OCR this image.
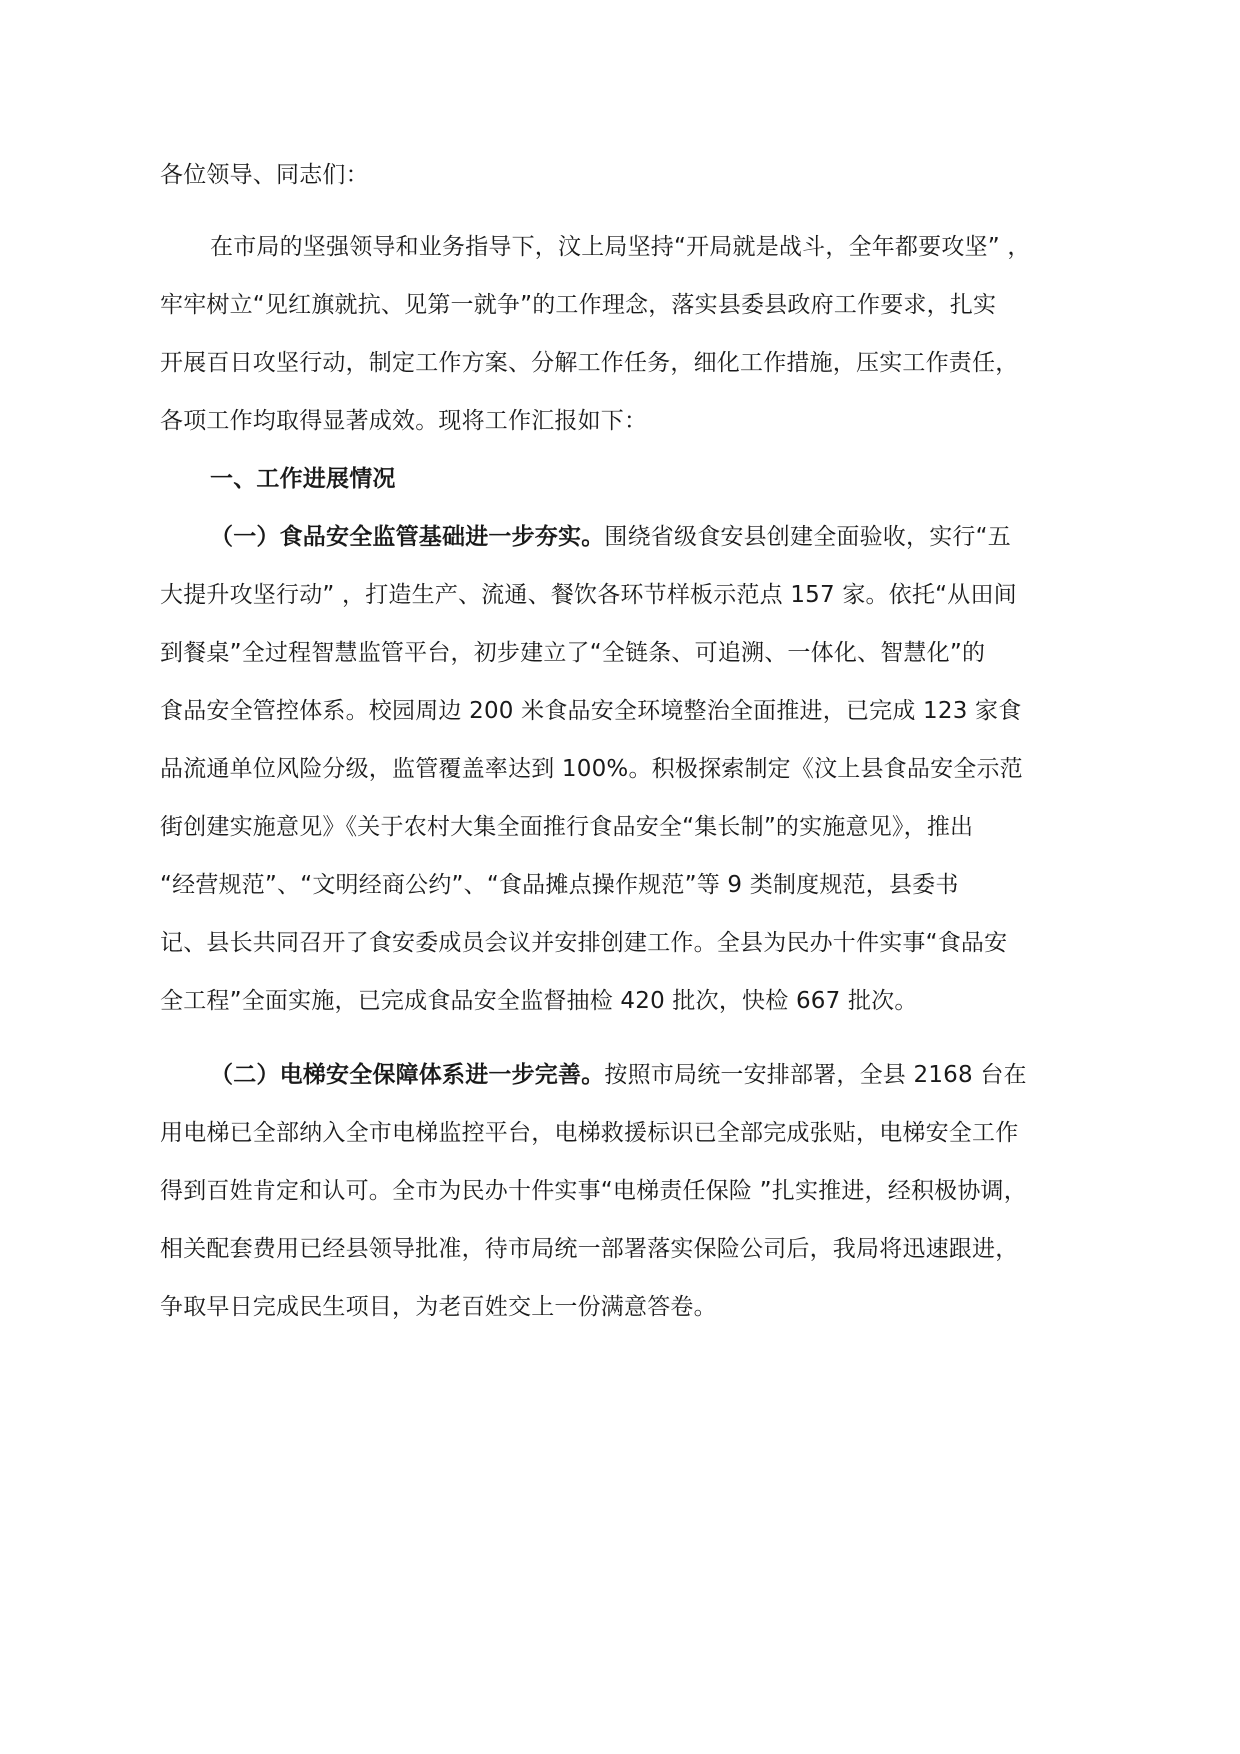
各位领导、同志们：
在市局的坚强领导和业务指导下，汶上局坚持“开局就是战斗，全年都要攻坚” ，
牢牢树立“见红旗就抗、见第一就争”的工作理念，落实县委县政府工作要求，扎实
开展百日攻坚行动，制定工作方案、分解工作任务，细化工作措施，压实工作责任，
各项工作均取得显著成效。现将工作汇报如下：
一、工作进展情况
（一）食品安全监管基础进一步夯实。围绕省级食安县创建全面验收，实行“五
大提升攻坚行动” ，打造生产、流通、餐饮各环节样板示范点 157 家。依托“从田间
到餐桌”全过程智慧监管平台，初步建立了“全链条、可追溯、一体化、智慧化”的
食品安全管控体系。校园周边 200 米食品安全环境整治全面推进，已完成 123 家食
品流通单位风险分级，监管覆盖率达到 100%。积极探索制定《汶上县食品安全示范
街创建实施意见》《关于农村大集全面推行食品安全“集长制”的实施意见》，推出
“经营规范”、“文明经商公约”、“食品摊点操作规范”等 9 类制度规范，县委书
记、县长共同召开了食安委成员会议并安排创建工作。全县为民办十件实事“食品安
全工程”全面实施，已完成食品安全监督抽检 420 批次，快检 667 批次。
（二）电梯安全保障体系进一步完善。按照市局统一安排部署，全县 2168 台在
用电梯已全部纳入全市电梯监控平台，电梯救援标识已全部完成张贴，电梯安全工作
得到百姓肯定和认可。全市为民办十件实事“电梯责任保险 ”扎实推进，经积极协调，
相关配套费用已经县领导批准，待市局统一部署落实保险公司后，我局将迅速跟进，
争取早日完成民生项目，为老百姓交上一份满意答卷。
